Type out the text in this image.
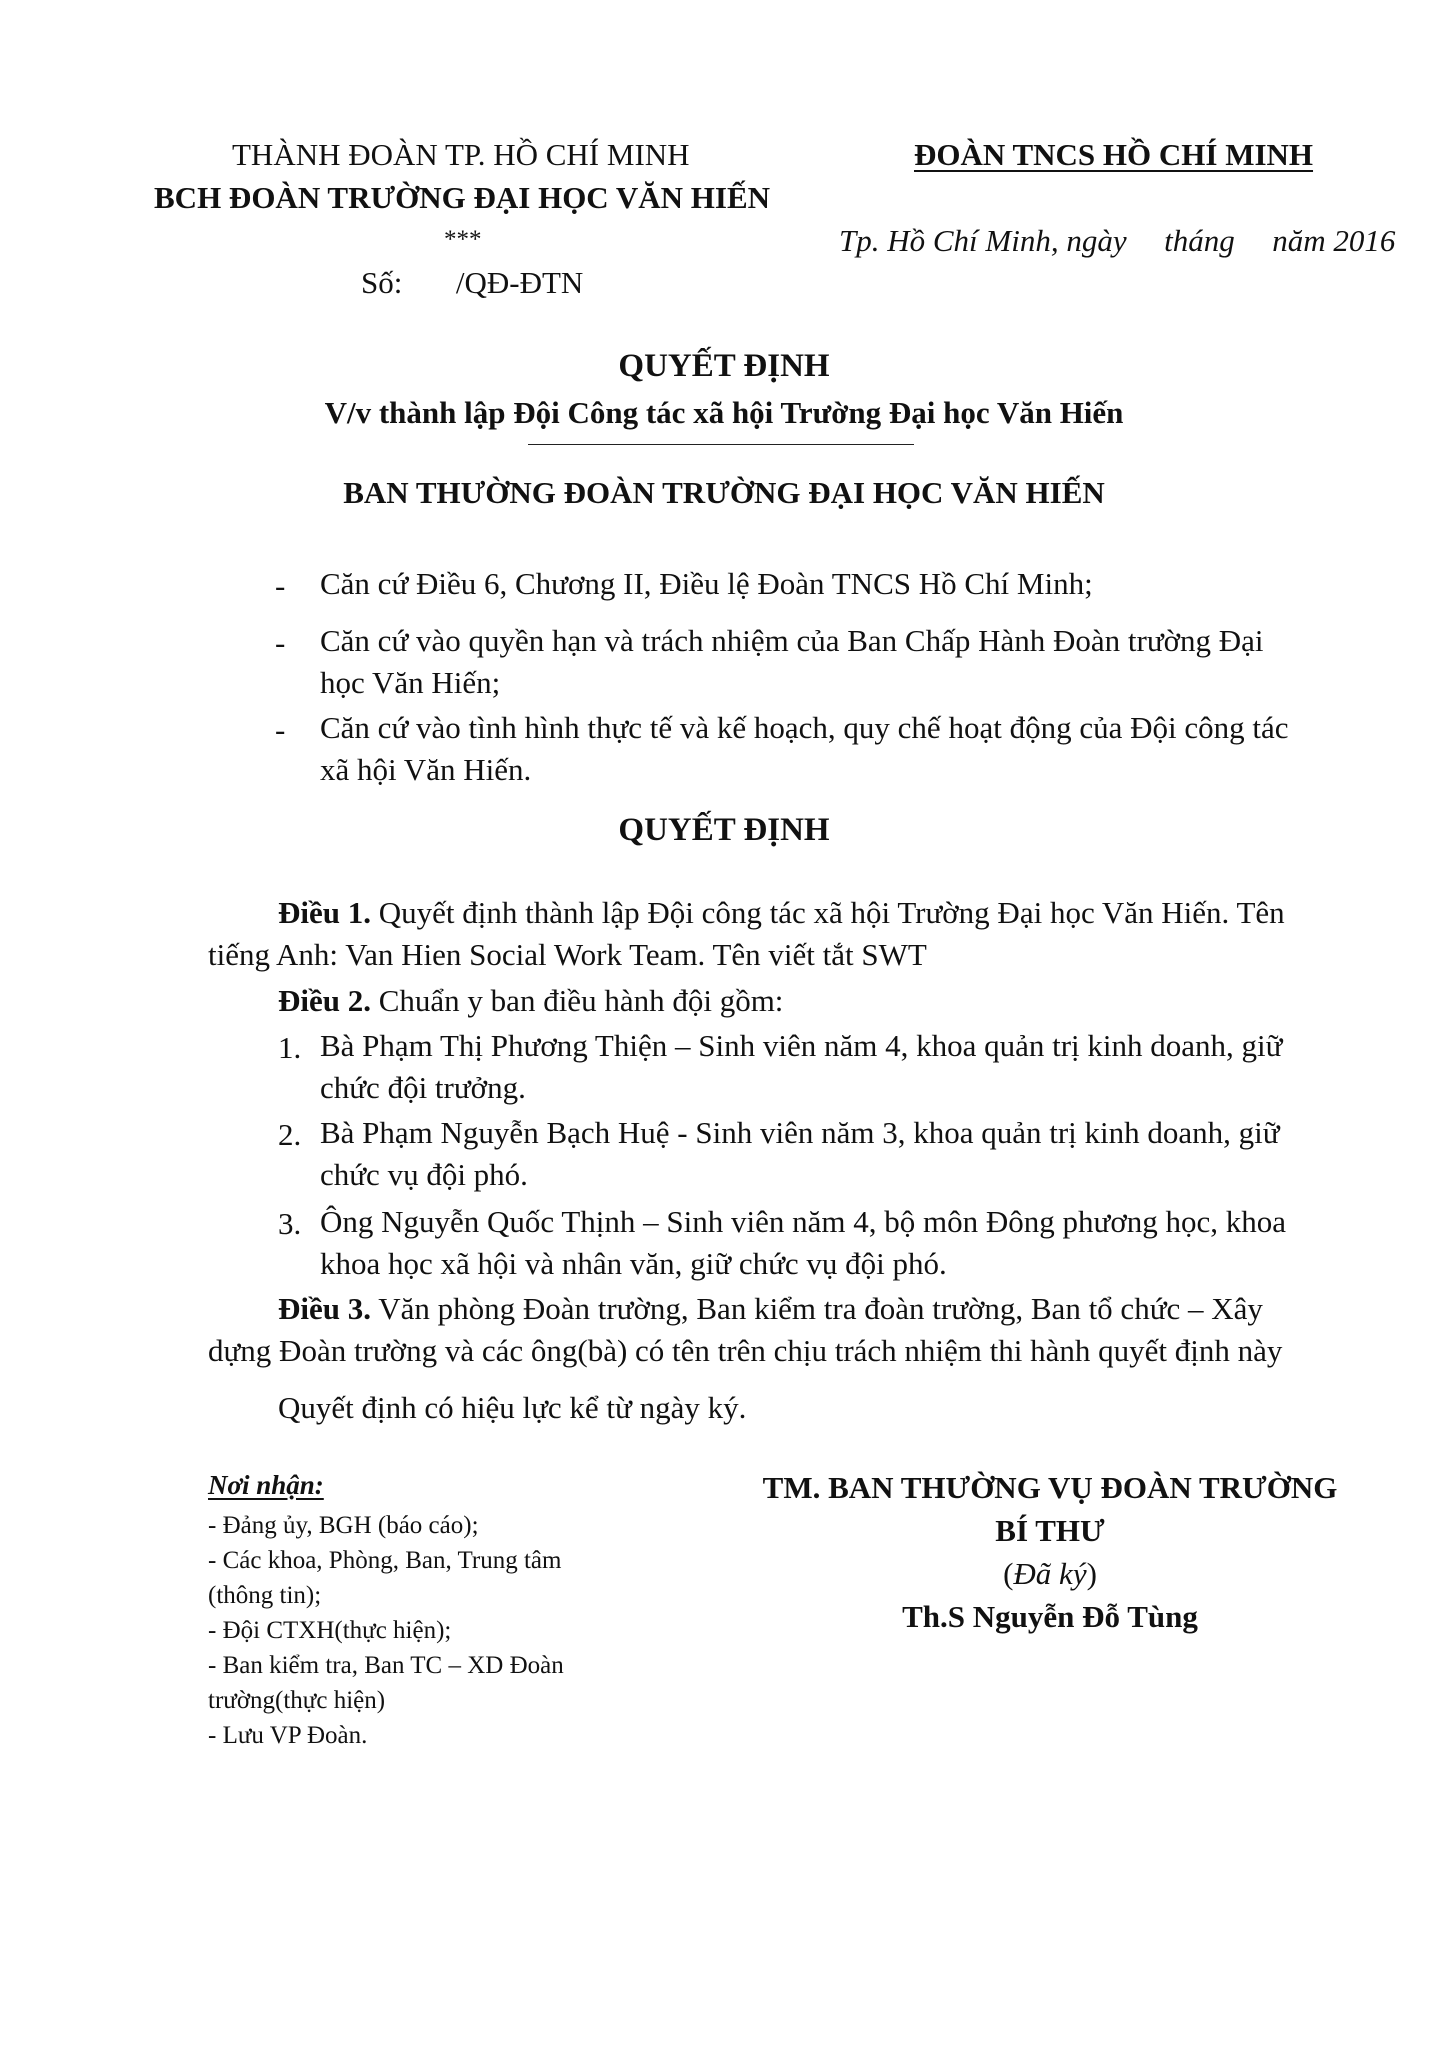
THÀNH ĐOÀN TP. HỒ CHÍ MINH
BCH ĐOÀN TRƯỜNG ĐẠI HỌC VĂN HIẾN
***
Số: /QĐ-ĐTN
ĐOÀN TNCS HỒ CHÍ MINH
Tp. Hồ Chí Minh, ngày tháng năm 2016
QUYẾT ĐỊNH
V/v thành lập Đội Công tác xã hội Trường Đại học Văn Hiến
BAN THƯỜNG ĐOÀN TRƯỜNG ĐẠI HỌC VĂN HIẾN
- Căn cứ Điều 6, Chương II, Điều lệ Đoàn TNCS Hồ Chí Minh;
- Căn cứ vào quyền hạn và trách nhiệm của Ban Chấp Hành Đoàn trường Đại
học Văn Hiến;
- Căn cứ vào tình hình thực tế và kế hoạch, quy chế hoạt động của Đội công tác
xã hội Văn Hiến.
QUYẾT ĐỊNH
Điều 1. Quyết định thành lập Đội công tác xã hội Trường Đại học Văn Hiến. Tên
tiếng Anh: Van Hien Social Work Team. Tên viết tắt SWT
Điều 2. Chuẩn y ban điều hành đội gồm:
1. Bà Phạm Thị Phương Thiện – Sinh viên năm 4, khoa quản trị kinh doanh, giữ
chức đội trưởng.
2. Bà Phạm Nguyễn Bạch Huệ - Sinh viên năm 3, khoa quản trị kinh doanh, giữ
chức vụ đội phó.
3. Ông Nguyễn Quốc Thịnh – Sinh viên năm 4, bộ môn Đông phương học, khoa
khoa học xã hội và nhân văn, giữ chức vụ đội phó.
Điều 3. Văn phòng Đoàn trường, Ban kiểm tra đoàn trường, Ban tổ chức – Xây
dựng Đoàn trường và các ông(bà) có tên trên chịu trách nhiệm thi hành quyết định này
Quyết định có hiệu lực kể từ ngày ký.
Nơi nhận:
- Đảng ủy, BGH (báo cáo);
- Các khoa, Phòng, Ban, Trung tâm
(thông tin);
- Đội CTXH(thực hiện);
- Ban kiểm tra, Ban TC – XD Đoàn
trường(thực hiện)
- Lưu VP Đoàn.
TM. BAN THƯỜNG VỤ ĐOÀN TRƯỜNG
BÍ THƯ
(Đã ký)
Th.S Nguyễn Đỗ Tùng
